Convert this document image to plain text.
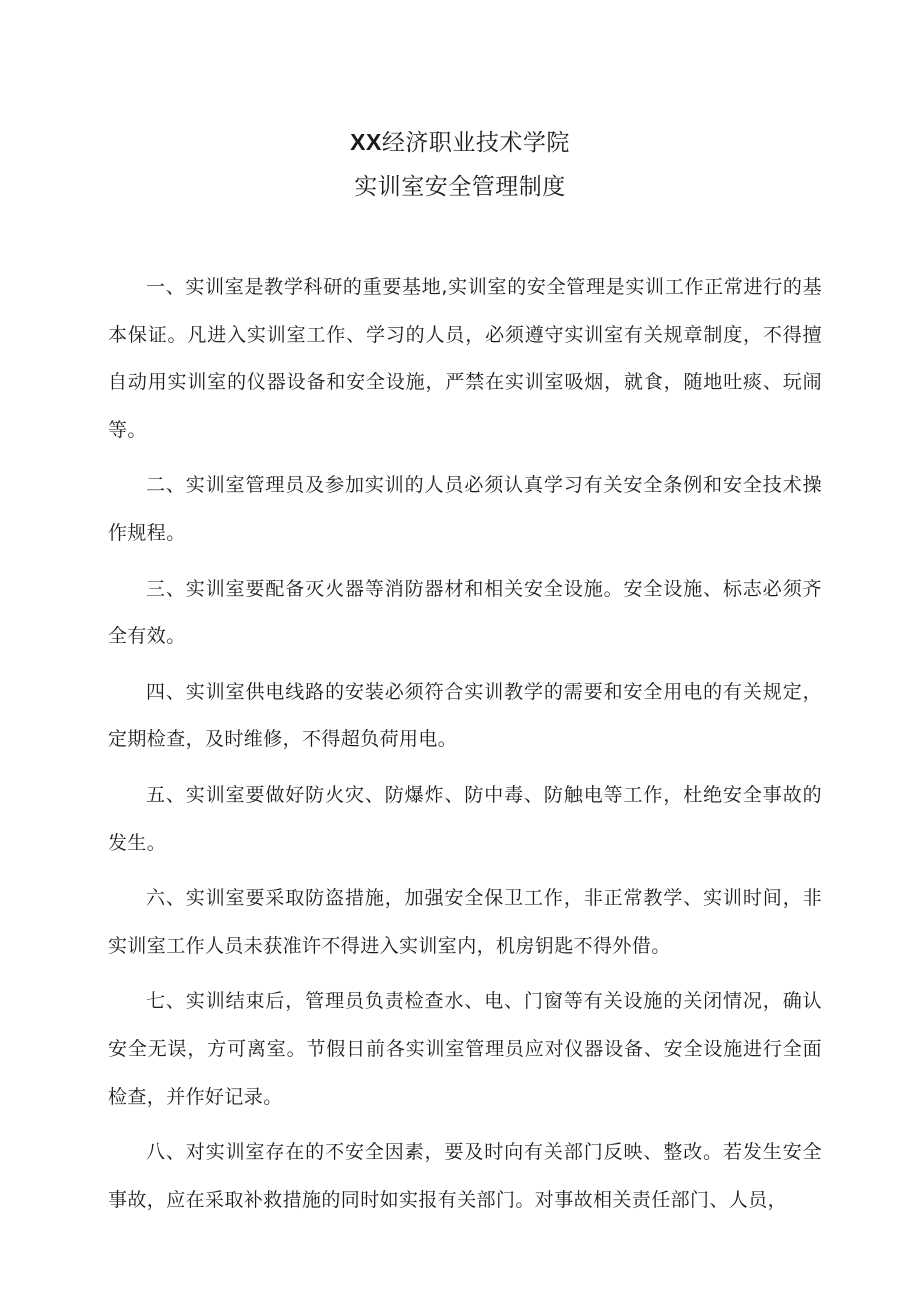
XX经济职业技术学院
实训室安全管理制度

一、实训室是教学科研的重要基地,实训室的安全管理是实训工作正常进行的基本保证。凡进入实训室工作、学习的人员，必须遵守实训室有关规章制度，不得擅自动用实训室的仪器设备和安全设施，严禁在实训室吸烟，就食，随地吐痰、玩闹等。

二、实训室管理员及参加实训的人员必须认真学习有关安全条例和安全技术操作规程。

三、实训室要配备灭火器等消防器材和相关安全设施。安全设施、标志必须齐全有效。

四、实训室供电线路的安装必须符合实训教学的需要和安全用电的有关规定，定期检查，及时维修，不得超负荷用电。

五、实训室要做好防火灾、防爆炸、防中毒、防触电等工作，杜绝安全事故的发生。

六、实训室要采取防盗措施，加强安全保卫工作，非正常教学、实训时间，非实训室工作人员未获准许不得进入实训室内，机房钥匙不得外借。

七、实训结束后，管理员负责检查水、电、门窗等有关设施的关闭情况，确认安全无误，方可离室。节假日前各实训室管理员应对仪器设备、安全设施进行全面检查，并作好记录。

八、对实训室存在的不安全因素，要及时向有关部门反映、整改。若发生安全事故，应在采取补救措施的同时如实报有关部门。对事故相关责任部门、人员，
